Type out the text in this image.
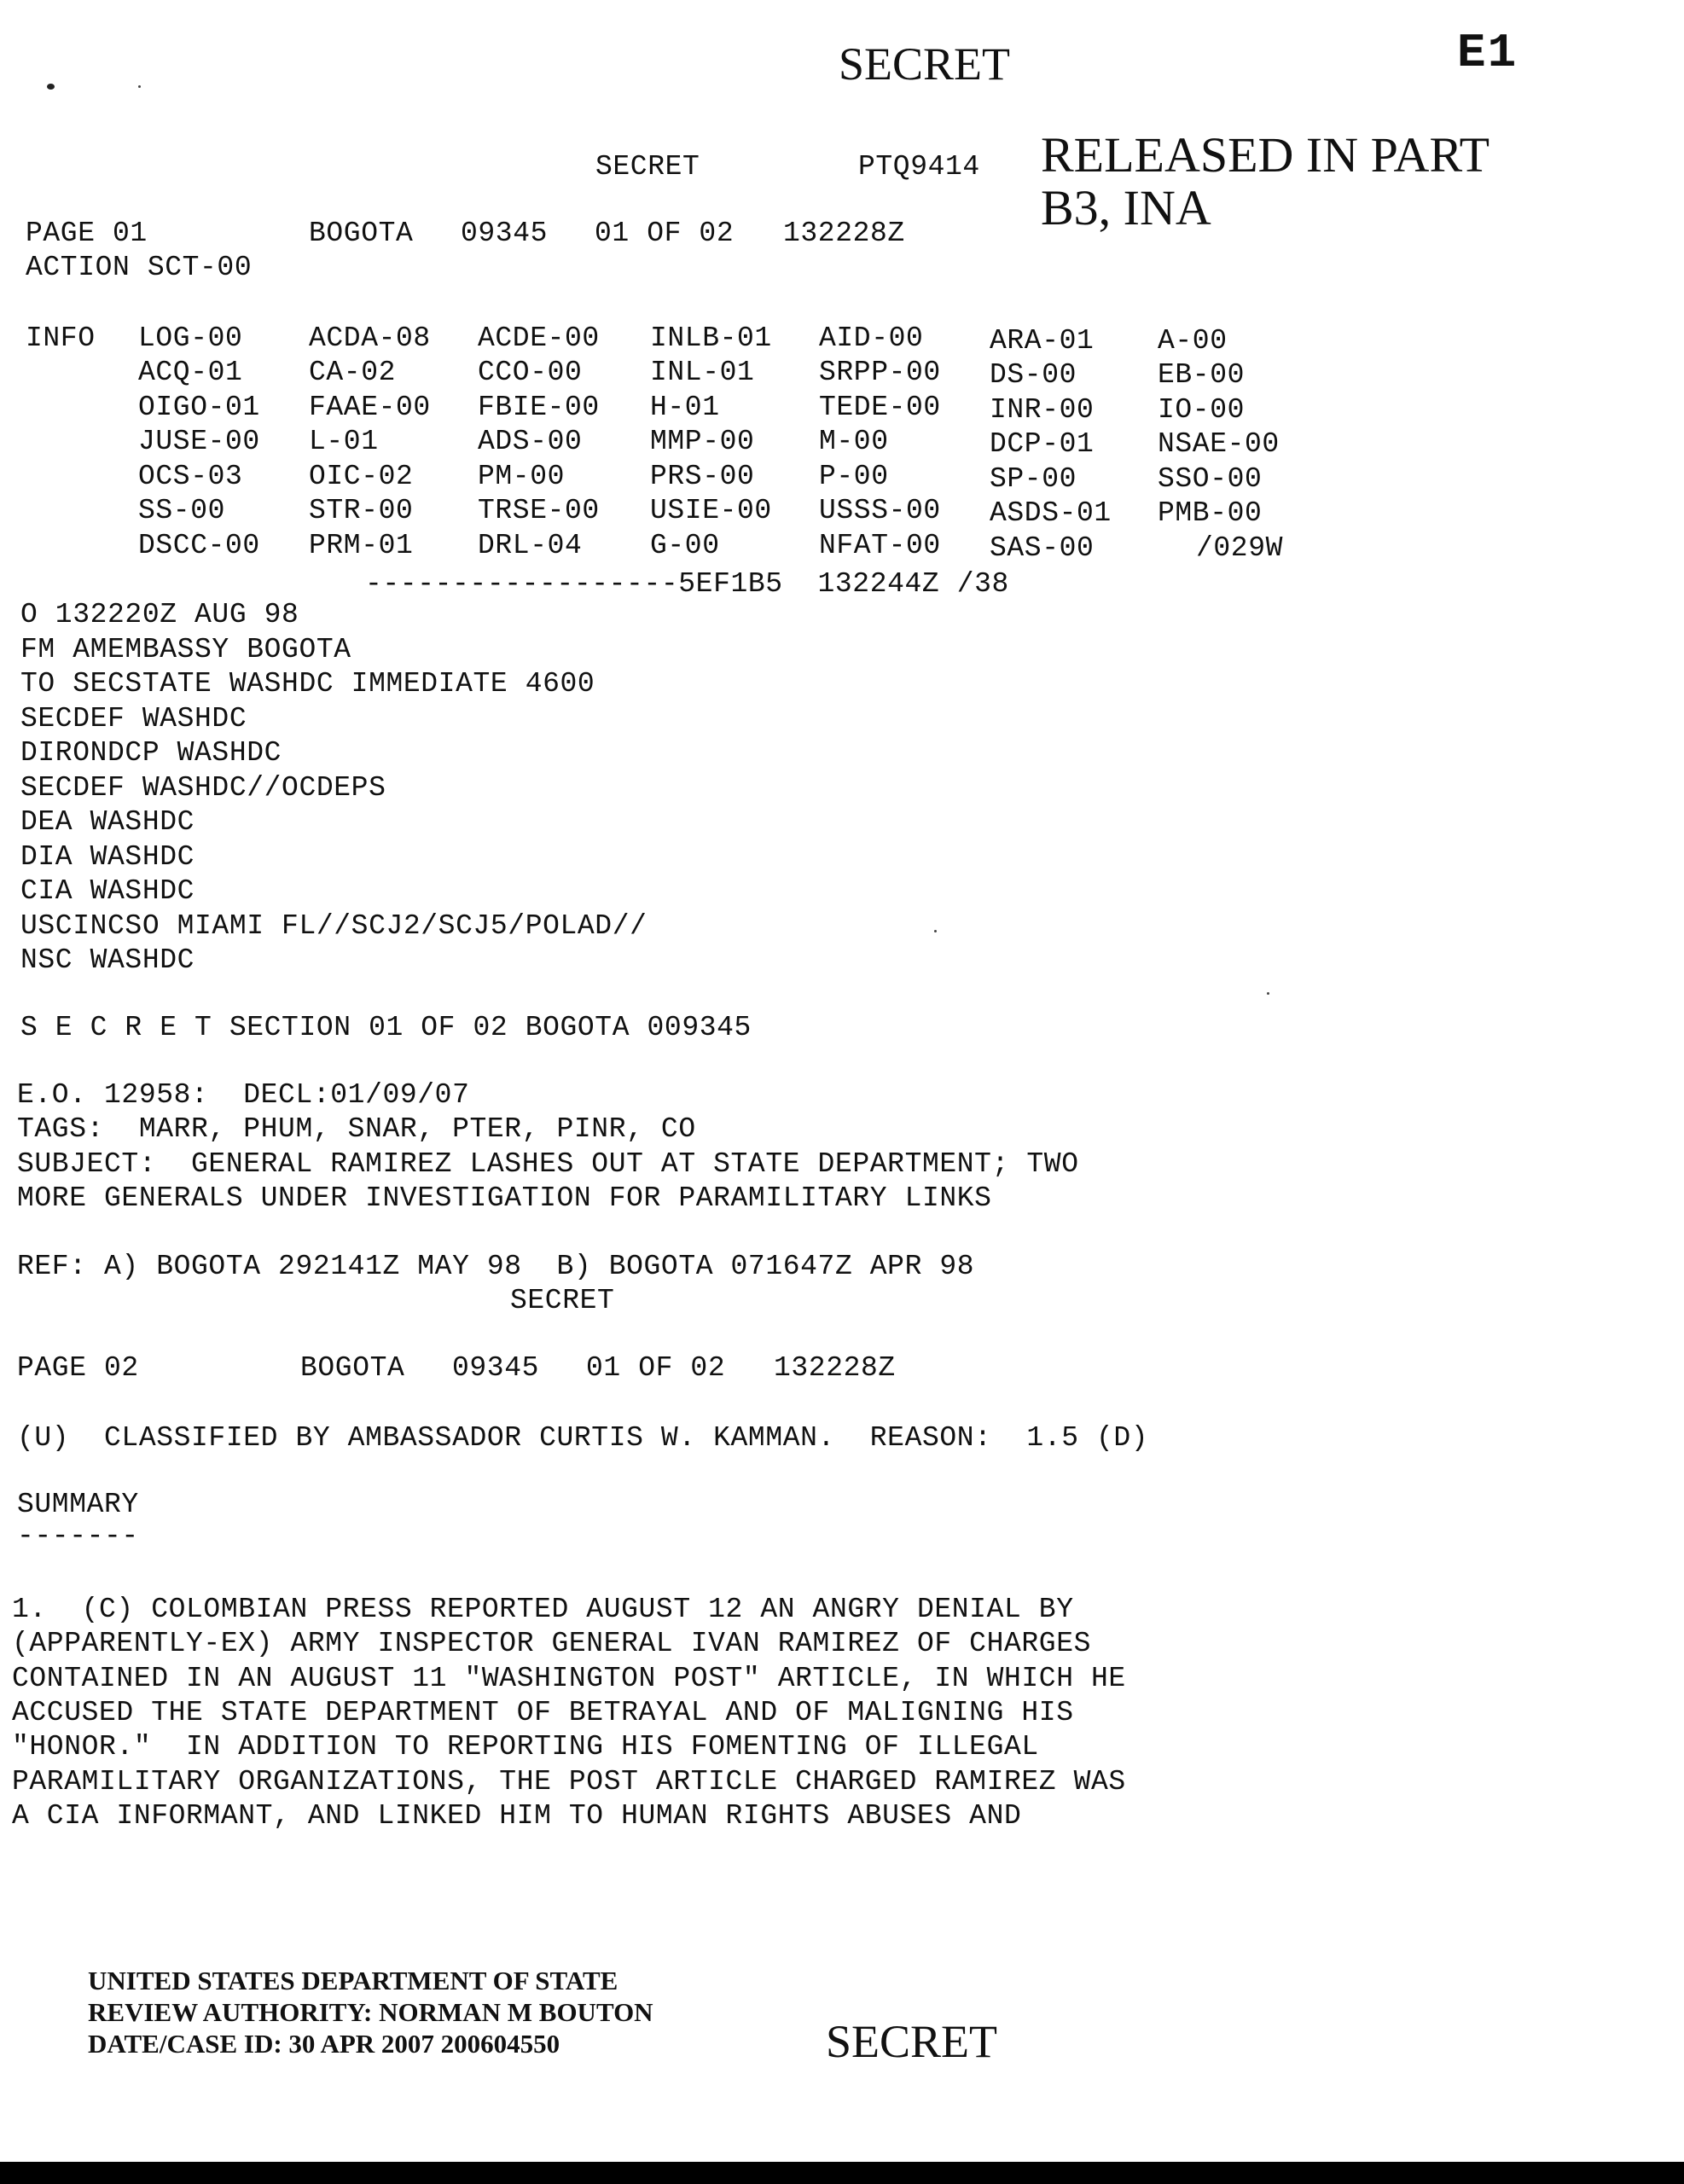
SECRET	E1
RELEASED IN PART
B3, INA
SECRET	PTQ9414
PAGE 01	BOGOTA 09345 01 OF 02 132228Z
ACTION SCT-00
INFO LOG-00 ACDA-08 ACDE-00 INLB-01 AID-00 ARA-01 A-00
ACQ-01 CA-02	CCO-00 INL-01 SRPP-00 DS-00	EB-00
OIGO-01 FAAE-00 FBIE-00 H-01	TEDE-00 INR-00 IO-00
JUSE-00 L-01	ADS-00 MMP-00 M-00	DCP-01 NSAE-00
OCS-03 OIC-02 PM-00	PRS-00 P-00	SP-00	SSO-00
SS-00	STR-00 TRSE-00 USIE-00 USSS-00 ASDS-01 PMB-00
DSCC-00 PRM-01 DRL-04 G-00	NFAT-00 SAS-00	/029W
------------------5EF1B5  132244Z /38
O 132220Z AUG 98
FM AMEMBASSY BOGOTA
TO SECSTATE WASHDC IMMEDIATE 4600
SECDEF WASHDC
DIRONDCP WASHDC
SECDEF WASHDC//OCDEPS
DEA WASHDC
DIA WASHDC
CIA WASHDC
USCINCSO MIAMI FL//SCJ2/SCJ5/POLAD//
NSC WASHDC
S E C R E T SECTION 01 OF 02 BOGOTA 009345
E.O. 12958:  DECL:01/09/07
TAGS:  MARR, PHUM, SNAR, PTER, PINR, CO
SUBJECT:  GENERAL RAMIREZ LASHES OUT AT STATE DEPARTMENT; TWO
MORE GENERALS UNDER INVESTIGATION FOR PARAMILITARY LINKS
REF: A) BOGOTA 292141Z MAY 98  B) BOGOTA 071647Z APR 98
SECRET
PAGE 02	BOGOTA 09345 01 OF 02 132228Z
(U)  CLASSIFIED BY AMBASSADOR CURTIS W. KAMMAN.  REASON:  1.5 (D)
SUMMARY
-------
1.  (C) COLOMBIAN PRESS REPORTED AUGUST 12 AN ANGRY DENIAL BY
(APPARENTLY-EX) ARMY INSPECTOR GENERAL IVAN RAMIREZ OF CHARGES
CONTAINED IN AN AUGUST 11 "WASHINGTON POST" ARTICLE, IN WHICH HE
ACCUSED THE STATE DEPARTMENT OF BETRAYAL AND OF MALIGNING HIS
"HONOR."  IN ADDITION TO REPORTING HIS FOMENTING OF ILLEGAL
PARAMILITARY ORGANIZATIONS, THE POST ARTICLE CHARGED RAMIREZ WAS
A CIA INFORMANT, AND LINKED HIM TO HUMAN RIGHTS ABUSES AND
UNITED STATES DEPARTMENT OF STATE
REVIEW AUTHORITY: NORMAN M BOUTON
DATE/CASE ID: 30 APR 2007 200604550	SECRET
